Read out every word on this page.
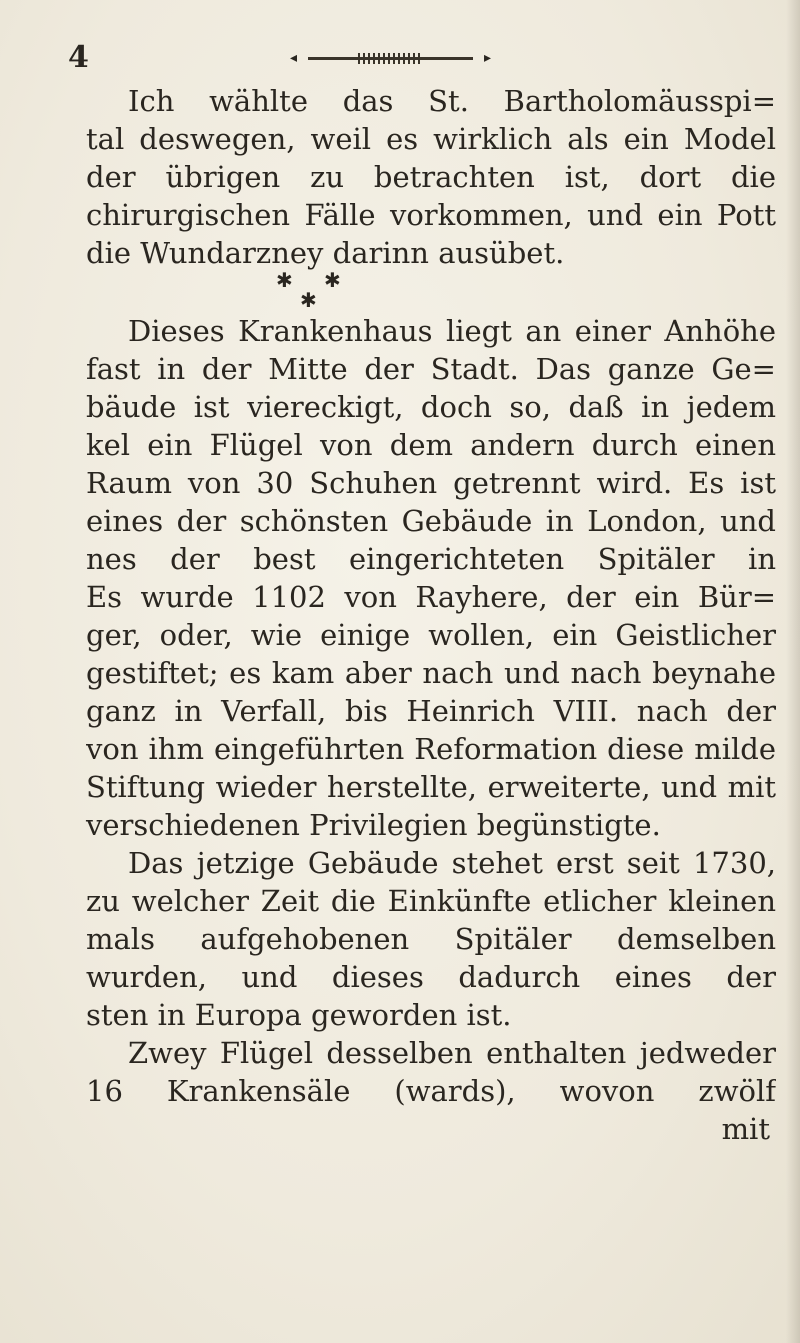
4	◂	▸
Ich wählte das St. Bartholomäusspi=
tal deswegen, weil es wirklich als ein Model
der übrigen zu betrachten ist, dort die
chirurgischen Fälle vorkommen, und ein Pott
die Wundarzney darinn ausübet.
✱ ✱
✱
Dieses Krankenhaus liegt an einer Anhöhe
fast in der Mitte der Stadt. Das ganze Ge=
bäude ist viereckigt, doch so, daß in jedem
kel ein Flügel von dem andern durch einen
Raum von 30 Schuhen getrennt wird. Es ist
eines der schönsten Gebäude in London, und
nes der best eingerichteten Spitäler in
Es wurde 1102 von Rayhere, der ein Bür=
ger, oder, wie einige wollen, ein Geistlicher
gestiftet; es kam aber nach und nach beynahe
ganz in Verfall, bis Heinrich VIII. nach der
von ihm eingeführten Reformation diese milde
Stiftung wieder herstellte, erweiterte, und mit
verschiedenen Privilegien begünstigte.
Das jetzige Gebäude stehet erst seit 1730,
zu welcher Zeit die Einkünfte etlicher kleinen
mals aufgehobenen Spitäler demselben
wurden, und dieses dadurch eines der
sten in Europa geworden ist.
Zwey Flügel desselben enthalten jedweder
16 Krankensäle (wards), wovon zwölf
mit
